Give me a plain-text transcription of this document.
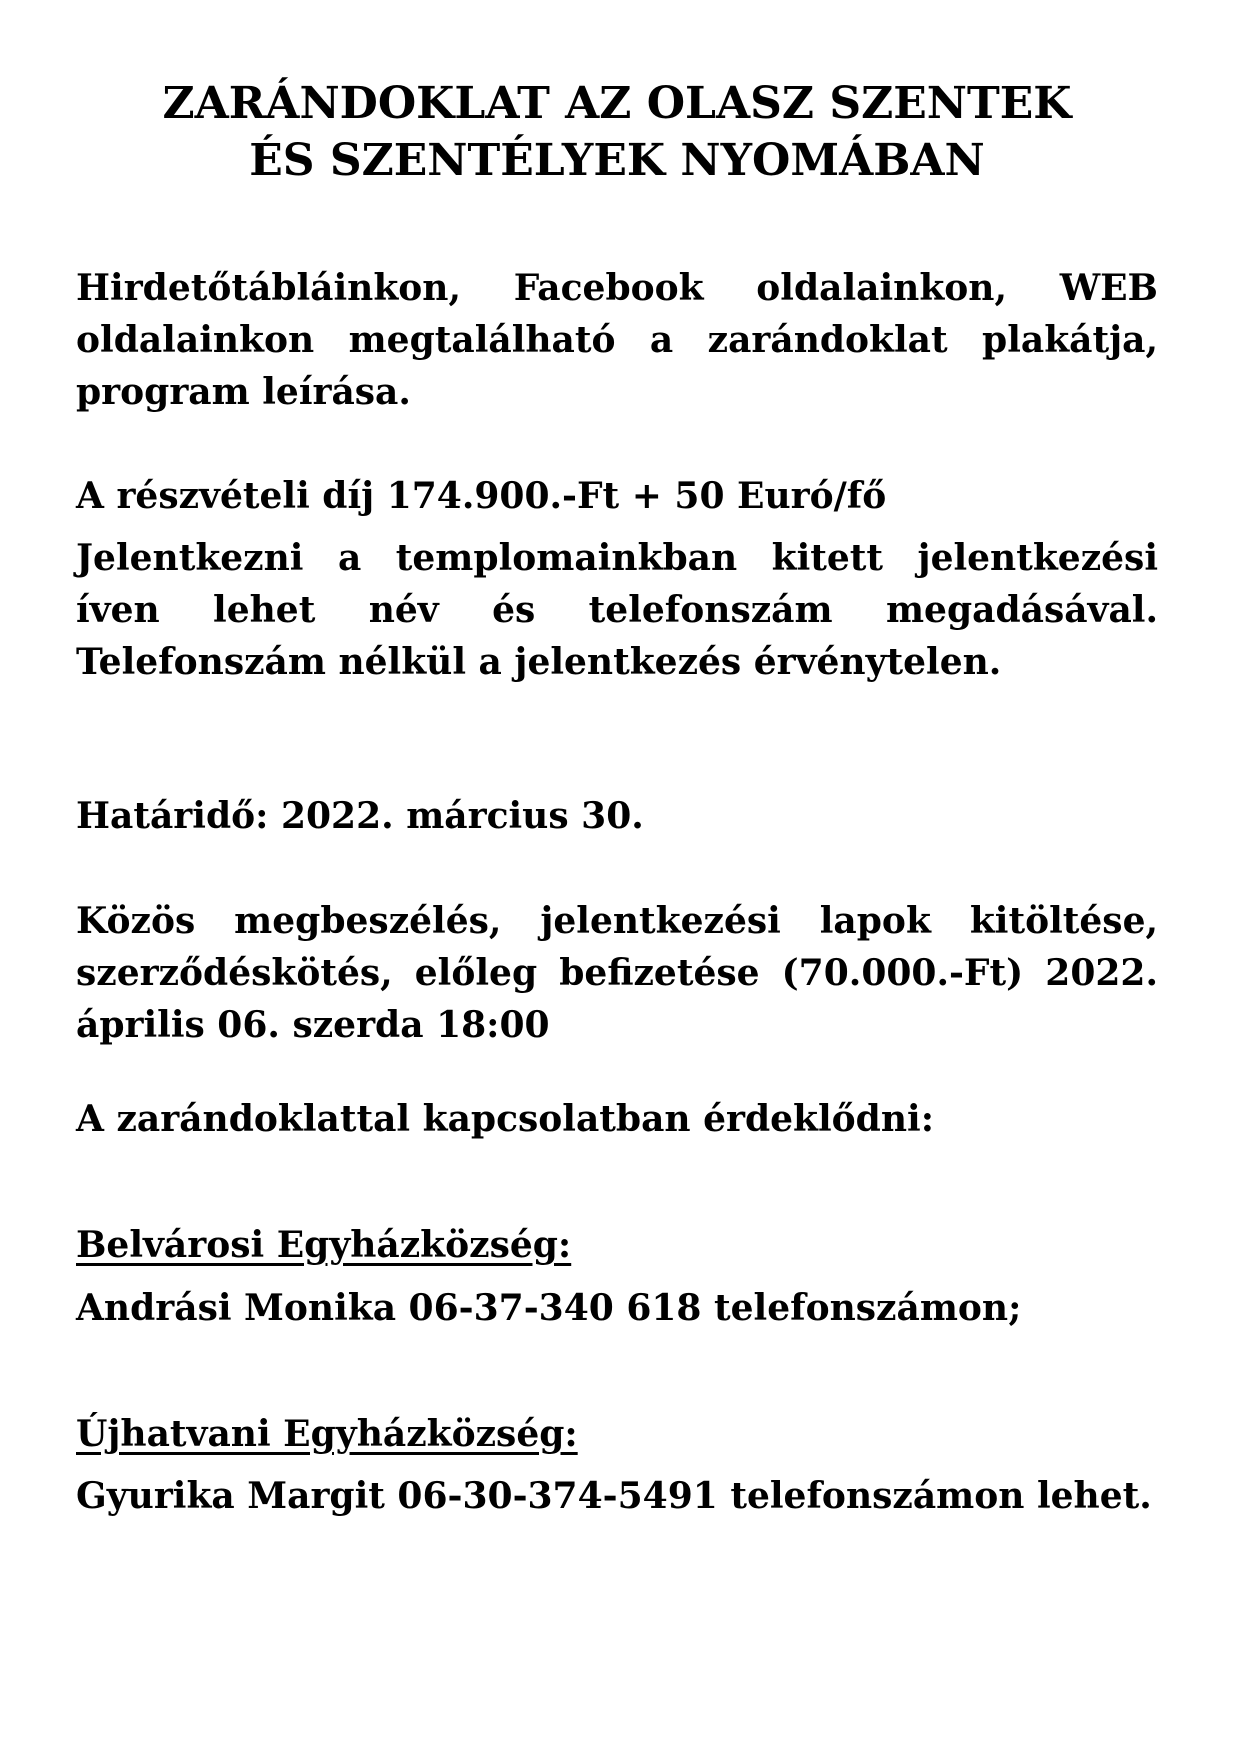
ZARÁNDOKLAT AZ OLASZ SZENTEK
ÉS SZENTÉLYEK NYOMÁBAN

Hirdetőtábláinkon, Facebook oldalainkon, WEB oldalainkon megtalálható a zarándoklat plakátja, program leírása.

A részvételi díj 174.900.-Ft + 50 Euró/fő

Jelentkezni a templomainkban kitett jelentkezési íven lehet név és telefonszám megadásával. Telefonszám nélkül a jelentkezés érvénytelen.

Határidő: 2022. március 30.

Közös megbeszélés, jelentkezési lapok kitöltése, szerződéskötés, előleg befizetése (70.000.-Ft) 2022. április 06. szerda 18:00

A zarándoklattal kapcsolatban érdeklődni:

Belvárosi Egyházközség:

Andrási Monika 06-37-340 618 telefonszámon;

Újhatvani Egyházközség:

Gyurika Margit 06-30-374-5491 telefonszámon lehet.
